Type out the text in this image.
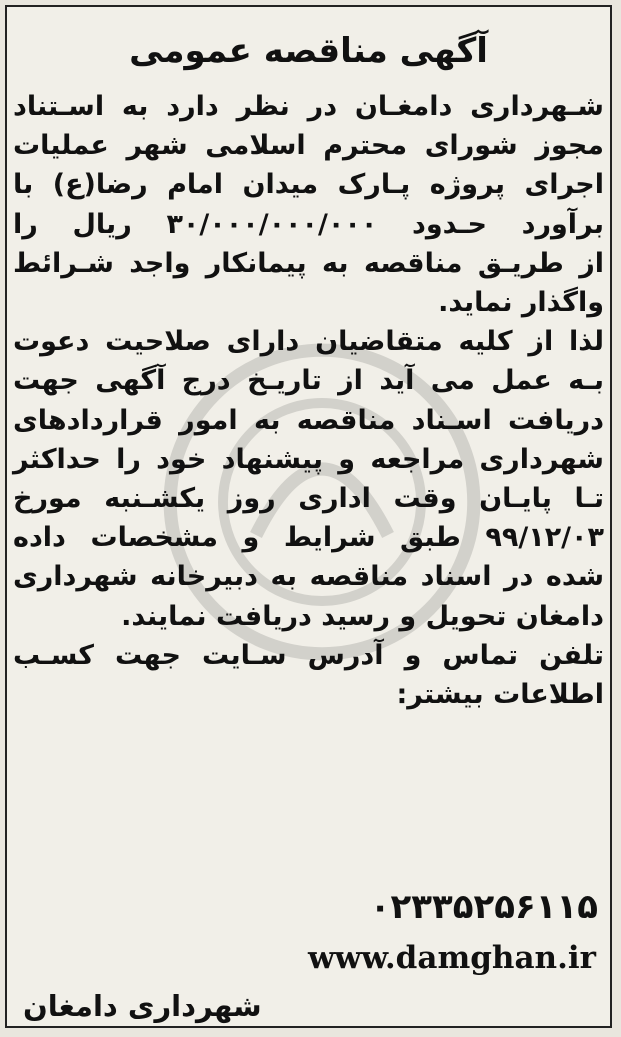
آگهی مناقصه عمومی
شـهرداری دامغـان در نظر دارد به اسـتناد
مجوز شورای محترم اسلامی شهر عملیات
اجرای پروژه پـارک میدان امام رضا(ع) با
برآورد حـدود ۳۰/۰۰۰/۰۰۰/۰۰۰ ریال را
از طریـق مناقصه به پیمانکار واجد شـرائط
واگذار نماید.
لذا از کلیه متقاضیان دارای صلاحیت دعوت
بـه عمل می آید از تاریـخ درج آگهی جهت
دریافت اسـناد مناقصه به امور قراردادهای
شهرداری مراجعه و پیشنهاد خود را حداکثر
تـا پایـان وقت اداری روز یکشـنبه مورخ
۹۹/۱۲/۰۳ طبق شرایط و مشخصات داده
شده در اسناد مناقصه به دبیرخانه شهرداری
دامغان تحویل و رسید دریافت نمایند.
تلفن تماس و آدرس سـایت جهت کسـب
اطلاعات بیشتر:
۰۲۳۳۵۲۵۶۱۱۵
www.damghan.ir
شهرداری دامغان
